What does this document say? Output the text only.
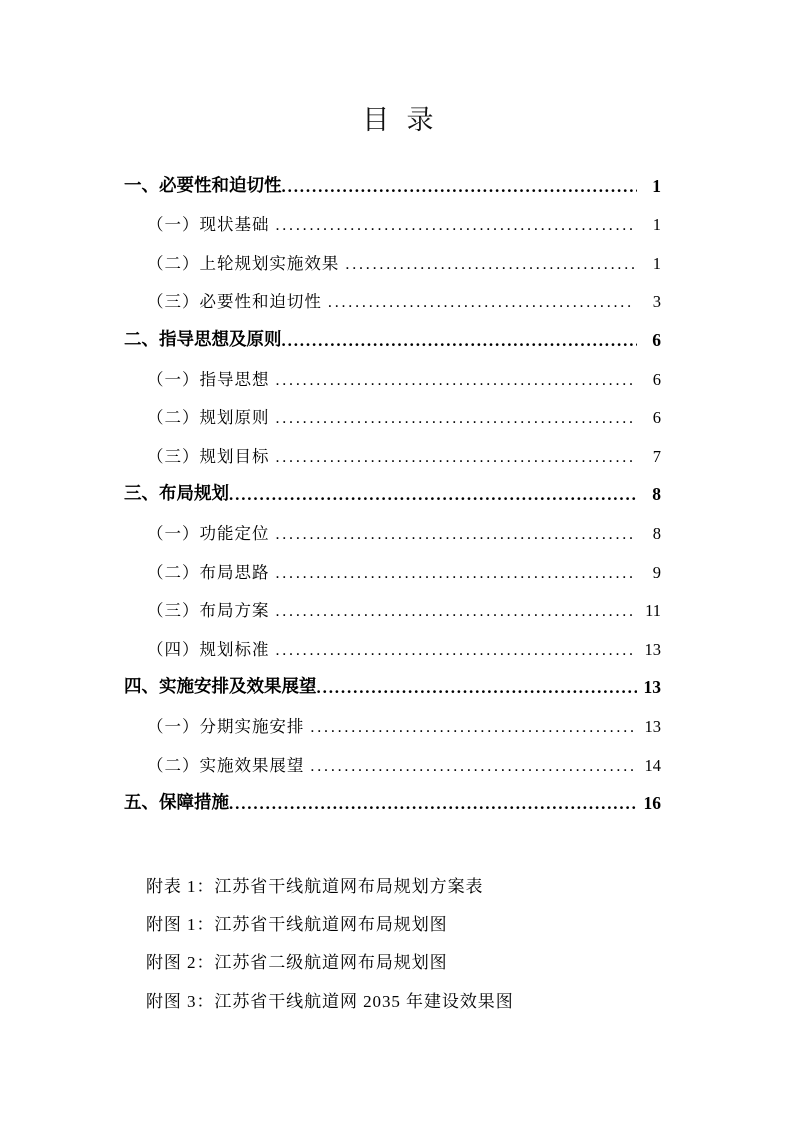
目 录
一、必要性和迫切性 . . .	1
（一）现状基础 . . .	1
（二）上轮规划实施效果 . . .	1
（三）必要性和迫切性 . . .	3
二、指导思想及原则 . . .	6
（一）指导思想 . . .	6
（二）规划原则 . . .	6
（三）规划目标 . . .	7
三、布局规划 . . .	8
（一）功能定位 . . .	8
（二）布局思路 . . .	9
（三）布局方案 . . .	11
（四）规划标准 . . .	13
四、实施安排及效果展望 . . .	13
（一）分期实施安排 . . .	13
（二）实施效果展望 . . .	14
五、保障措施 . . .	16
附表 1：江苏省干线航道网布局规划方案表
附图 1：江苏省干线航道网布局规划图
附图 2：江苏省二级航道网布局规划图
附图 3：江苏省干线航道网 2035 年建设效果图
